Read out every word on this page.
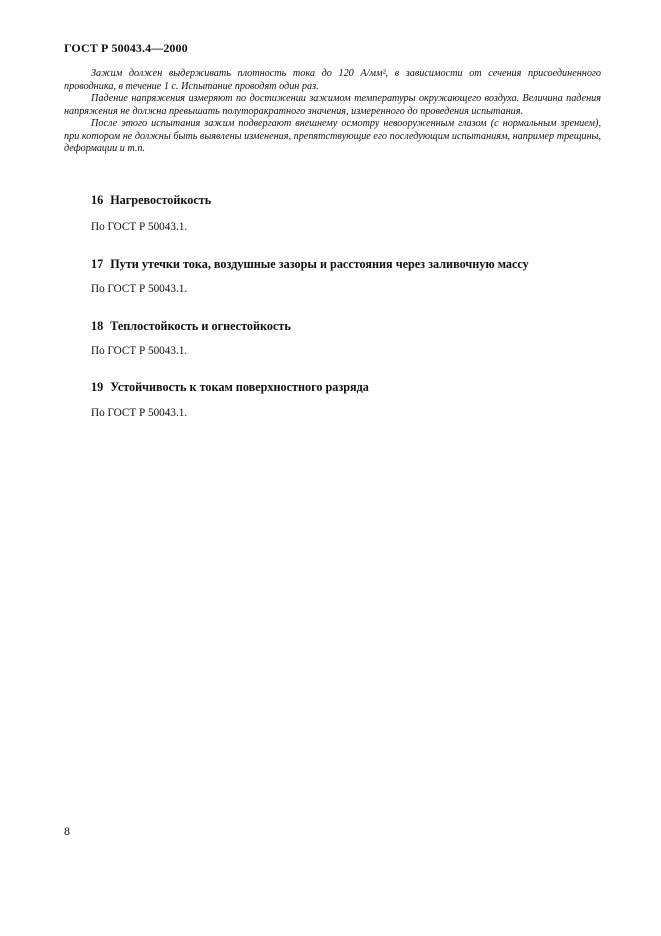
ГОСТ Р 50043.4—2000

Зажим должен выдерживать плотность тока до 120 А/мм², в зависимости от сечения присоединенного проводника, в течение 1 с. Испытание проводят один раз.

Падение напряжения измеряют по достижении зажимом температуры окружающего воздуха. Величина падения напряжения не должна превышать полуторакратного значения, измеренного до проведения испытания.

После этого испытания зажим подвергают внешнему осмотру невооруженным глазом (с нормальным зрением), при котором не должны быть выявлены изменения, препятствующие его последующим испытаниям, например трещины, деформации и т.п.

16 Нагревостойкость

По ГОСТ Р 50043.1.

17 Пути утечки тока, воздушные зазоры и расстояния через заливочную массу

По ГОСТ Р 50043.1.

18 Теплостойкость и огнестойкость

По ГОСТ Р 50043.1.

19 Устойчивость к токам поверхностного разряда

По ГОСТ Р 50043.1.

8
